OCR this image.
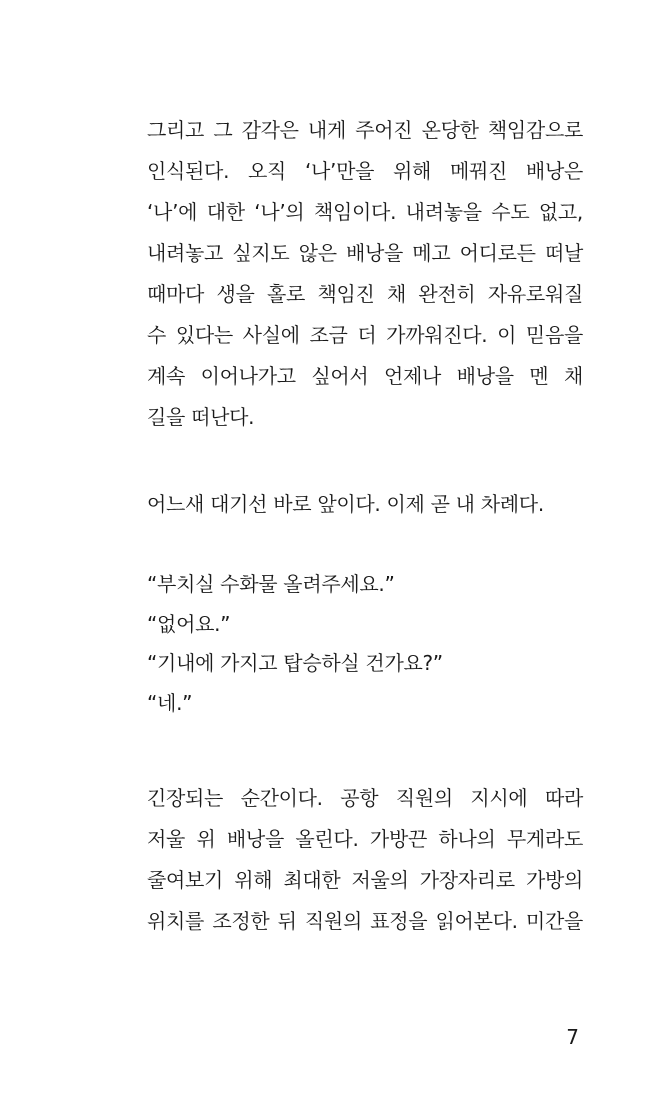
그리고 그 감각은 내게 주어진 온당한 책임감으로
인식된다. 오직 ‘나’만을 위해 메꿔진 배낭은
‘나’에 대한 ‘나’의 책임이다. 내려놓을 수도 없고,
내려놓고 싶지도 않은 배낭을 메고 어디로든 떠날
때마다 생을 홀로 책임진 채 완전히 자유로워질
수 있다는 사실에 조금 더 가까워진다. 이 믿음을
계속 이어나가고 싶어서 언제나 배낭을 멘 채
길을 떠난다.
어느새 대기선 바로 앞이다. 이제 곧 내 차례다.
“부치실 수화물 올려주세요.”
“없어요.”
“기내에 가지고 탑승하실 건가요?”
“네.”
긴장되는 순간이다. 공항 직원의 지시에 따라
저울 위 배낭을 올린다. 가방끈 하나의 무게라도
줄여보기 위해 최대한 저울의 가장자리로 가방의
위치를 조정한 뒤 직원의 표정을 읽어본다. 미간을
7
